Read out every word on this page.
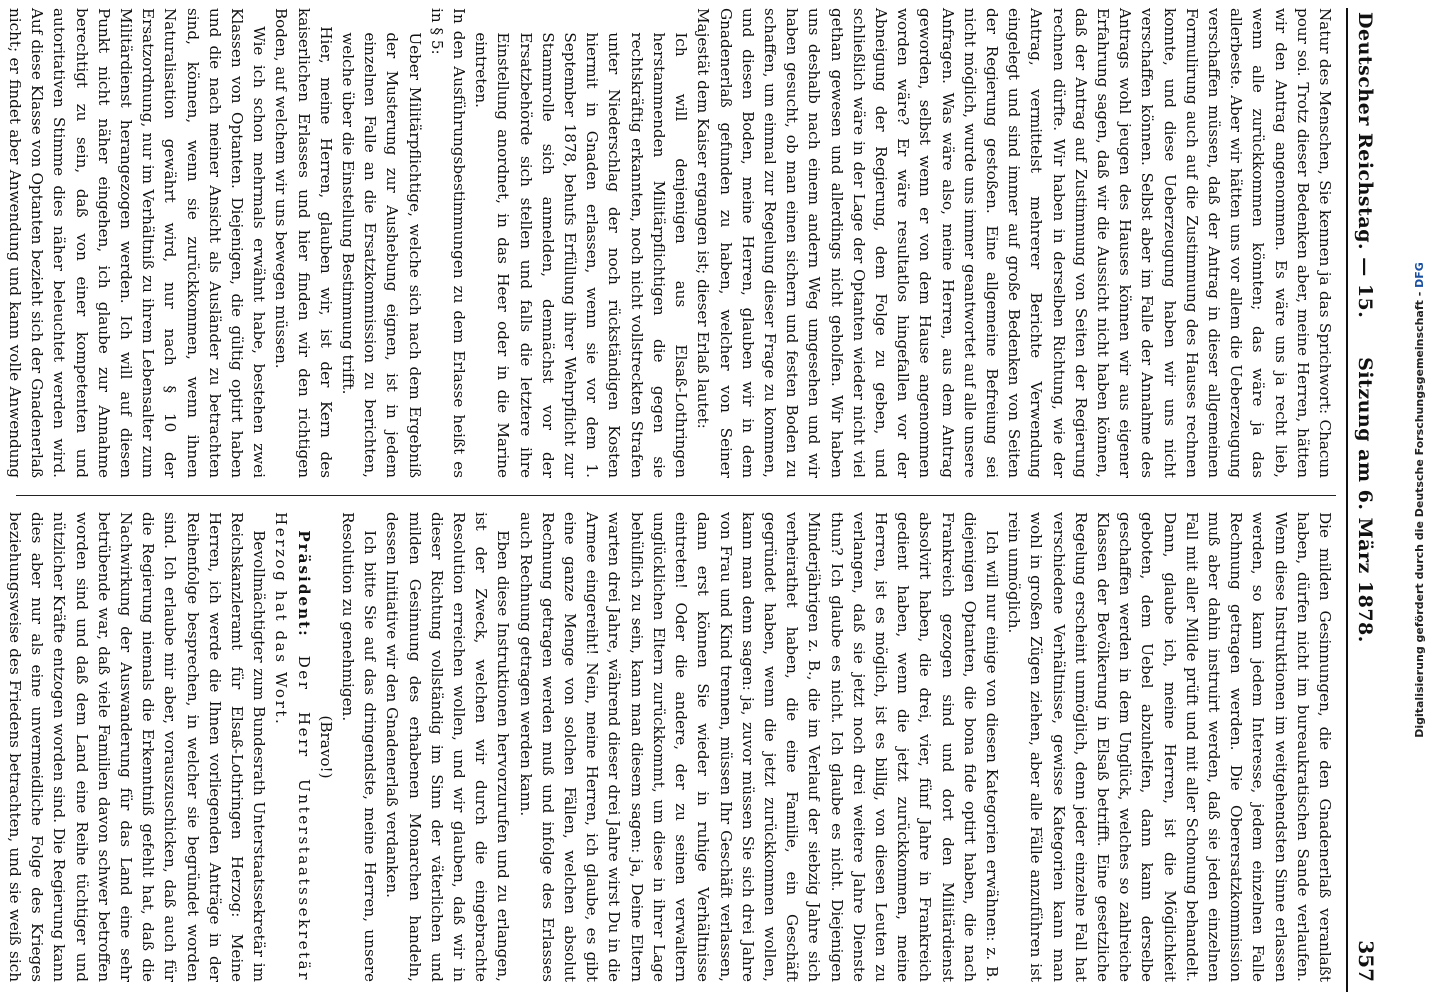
Deutscher Reichstag. — 15.
Sitzung am 6. März 1878.
357

Natur des Menschen, Sie kennen ja das Sprichwort: Chacun pour soi. Trotz dieser Bedenken aber, meine Herren, hätten wir den Antrag angenommen. Es wäre uns ja recht lieb, wenn alle zurückkommen könnten; das wäre ja das allerbeste. Aber wir hätten uns vor allem die Ueberzeugung verschaffen müssen, daß der Antrag in dieser allgemeinen Formulirung auch auf die Zustimmung des Hauses rechnen konnte, und diese Ueberzeugung haben wir uns nicht verschaffen können. Selbst aber im Falle der Annahme des Antrags wohl jeugen des Hauses können wir aus eigener Erfahrung sagen, daß wir die Aussicht nicht haben können, daß der Antrag auf Zustimmung von Seiten der Regierung rechnen dürfte. Wir haben in derselben Richtung, wie der Antrag, vermittelst mehrerer Berichte Verwendung eingelegt und sind immer auf große Bedenken von Seiten der Regierung gestoßen. Eine allgemeine Befreiung sei nicht möglich, wurde uns immer geantwortet auf alle unsere Anfragen. Was wäre also, meine Herren, aus dem Antrag geworden, selbst wenn er von dem Hause angenommen worden wäre? Er wäre resultatlos hingefallen vor der Abneigung der Regierung, dem Folge zu geben, und schließlich wäre in der Lage der Optanten wieder nicht viel gethan gewesen und allerdings nicht geholfen. Wir haben uns deshalb nach einem andern Weg umgesehen und wir haben gesucht, ob man einen sichern und festen Boden zu schaffen, um einmal zur Regelung dieser Frage zu kommen, und diesen Boden, meine Herren, glauben wir in dem Gnadenerlaß gefunden zu haben, welcher von Seiner Majestät dem Kaiser ergangen ist; dieser Erlaß lautet:

Ich will denjenigen aus Elsaß-Lothringen herstammenden Militärpflichtigen die gegen sie rechtskräftig erkannten, noch nicht vollstreckten Strafen unter Niederschlag der noch rückständigen Kosten hiermit in Gnaden erlassen, wenn sie vor dem 1. September 1878, behufs Erfüllung ihrer Wehrpflicht zur Stammrolle sich anmelden, demnächst vor der Ersatzbehörde sich stellen und falls die letztere ihre Einstellung anordnet, in das Heer oder in die Marine eintreten.

In den Ausführungsbestimmungen zu dem Erlasse heißt es in § 5:

Ueber Militärpflichtige, welche sich nach dem Ergebniß der Musterung zur Aushebung eignen, ist in jedem einzelnen Falle an die Ersatzkommission zu berichten, welche über die Einstellung Bestimmung trifft.

Hier, meine Herren, glauben wir, ist der Kern des kaiserlichen Erlasses und hier finden wir den richtigen Boden, auf welchem wir uns bewegen müssen.

Wie ich schon mehrmals erwähnt habe, bestehen zwei Klassen von Optanten. Diejenigen, die gültig optirt haben und die nach meiner Ansicht als Ausländer zu betrachten sind, können, wenn sie zurückkommen, wenn ihnen Naturalisation gewährt wird, nur nach § 10 der Ersatzordnung, nur im Verhältniß zu ihrem Lebensalter zum Militärdienst herangezogen werden. Ich will auf diesen Punkt nicht näher eingehen, ich glaube zur Annahme berechtigt zu sein, daß von einer kompetenten und autoritativen Stimme dies näher beleuchtet werden wird. Auf diese Klasse von Optanten bezieht sich der Gnadenerlaß nicht; er findet aber Anwendung und kann volle Anwendung

Die milden Gesinnungen, die den Gnadenerlaß veranlaßt haben, dürfen nicht im bureaukratischen Sande verlaufen. Wenn diese Instruktionen im weitgehendsten Sinne erlassen werden, so kann jedem Interesse, jedem einzelnen Falle Rechnung getragen werden. Die Oberersatzkommission muß aber dahin instruirt werden, daß sie jeden einzelnen Fall mit aller Milde prüft und mit aller Schonung behandelt. Dann, glaube ich, meine Herren, ist die Möglichkeit geboten, dem Uebel abzuhelfen, dann kann derselbe geschaffen werden in dem Unglück, welches so zahlreiche Klassen der Bevölkerung in Elsaß betrifft. Eine gesetzliche Regelung erscheint unmöglich, denn jeder einzelne Fall hat verschiedene Verhältnisse, gewisse Kategorien kann man wohl in großen Zügen ziehen, aber alle Fälle anzuführen ist rein unmöglich.

Ich will nur einige von diesen Kategorien erwähnen: z. B. diejenigen Optanten, die bona fide optirt haben, die nach Frankreich gezogen sind und dort den Militärdienst absolvirt haben, die drei, vier, fünf Jahre in Frankreich gedient haben, wenn die jetzt zurückkommen, meine Herren, ist es möglich, ist es billig, von diesen Leuten zu verlangen, daß sie jetzt noch drei weitere Jahre Dienste thun? Ich glaube es nicht. Ich glaube es nicht. Diejenigen Minderjährigen z. B., die im Verlauf der siebzig Jahre sich verheirathet haben, die eine Familie, ein Geschäft gegründet haben, wenn die jetzt zurückkommen wollen, kann man denn sagen: ja, zuvor müssen Sie sich drei Jahre von Frau und Kind trennen, müssen Ihr Geschäft verlassen, dann erst können Sie wieder in ruhige Verhältnisse eintreten! Oder die andere, der zu seinen verwaltern unglücklichen Eltern zurückkommt, um diese in ihrer Lage behülflich zu sein, kann man diesem sagen: ja, Deine Eltern warten drei Jahre, während dieser drei Jahre wirst Du in die Armee eingereiht! Nein, meine Herren, ich glaube, es gibt eine ganze Menge von solchen Fällen, welchen absolut Rechnung getragen werden muß und infolge des Erlasses auch Rechnung getragen werden kann.

Eben diese Instruktionen hervorzurufen und zu erlangen, ist der Zweck, welchen wir durch die eingebrachte Resolution erreichen wollen, und wir glauben, daß wir in dieser Richtung vollständig im Sinn der väterlichen und milden Gesinnung des erhabenen Monarchen handeln, dessen Initiative wir den Gnadenerlaß verdanken.

Ich bitte Sie auf das dringendste, meine Herren, unsere Resolution zu genehmigen.

(Bravo!)

Präsident: Der Herr Unterstaatssekretär Herzog hat das Wort.

Bevollmächtigter zum Bundesrath Unterstaatssekretär im Reichskanzleramt für Elsaß-Lothringen Herzog: Meine Herren, ich werde die Ihnen vorliegenden Anträge in der Reihenfolge besprechen, in welcher sie begründet worden sind. Ich erlaube mir aber, vorauszuschicken, daß auch für die Regierung niemals die Erkenntniß gefehlt hat, daß die Nachwirkung der Auswanderung für das Land eine sehr betrübende war, daß viele Familien davon schwer betroffen worden sind und daß dem Land eine Reihe tüchtiger und nützlicher Kräfte entzogen worden sind. Die Regierung kann dies aber nur als eine unvermeidliche Folge des Krieges beziehungsweise des Friedens betrachten, und sie weiß sich

Digitalisierung gefördert durch die Deutsche Forschungsgemeinschaft - DFG
